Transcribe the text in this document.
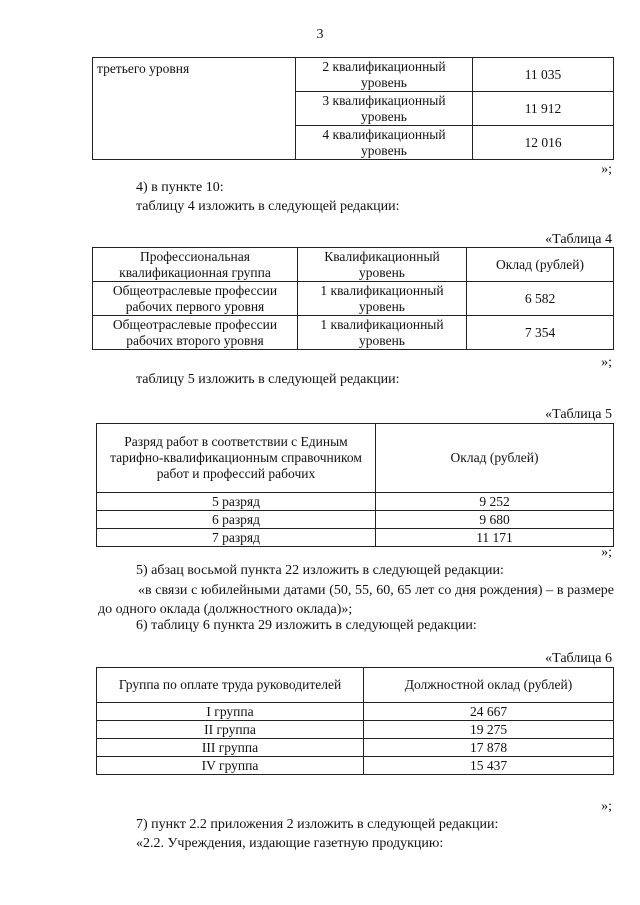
3
третьего уровня	2 квалификационный уровень	11 035
	3 квалификационный уровень	11 912
	4 квалификационный уровень	12 016
»;
4) в пункте 10:
таблицу 4 изложить в следующей редакции:
«Таблица 4
Профессиональная квалификационная группа	Квалификационный уровень	Оклад (рублей)
Общеотраслевые профессии рабочих первого уровня	1 квалификационный уровень	6 582
Общеотраслевые профессии рабочих второго уровня	1 квалификационный уровень	7 354
»;
таблицу 5 изложить в следующей редакции:
«Таблица 5
Разряд работ в соответствии с Единым тарифно-квалификационным справочником работ и профессий рабочих	Оклад (рублей)
5 разряд	9 252
6 разряд	9 680
7 разряд	11 171
»;
5) абзац восьмой пункта 22 изложить в следующей редакции:
«в связи с юбилейными датами (50, 55, 60, 65 лет со дня рождения) – в размере до одного оклада (должностного оклада)»;
6) таблицу 6 пункта 29 изложить в следующей редакции:
«Таблица 6
Группа по оплате труда руководителей	Должностной оклад (рублей)
I группа	24 667
II группа	19 275
III группа	17 878
IV группа	15 437
»;
7) пункт 2.2 приложения 2 изложить в следующей редакции:
«2.2. Учреждения, издающие газетную продукцию:
